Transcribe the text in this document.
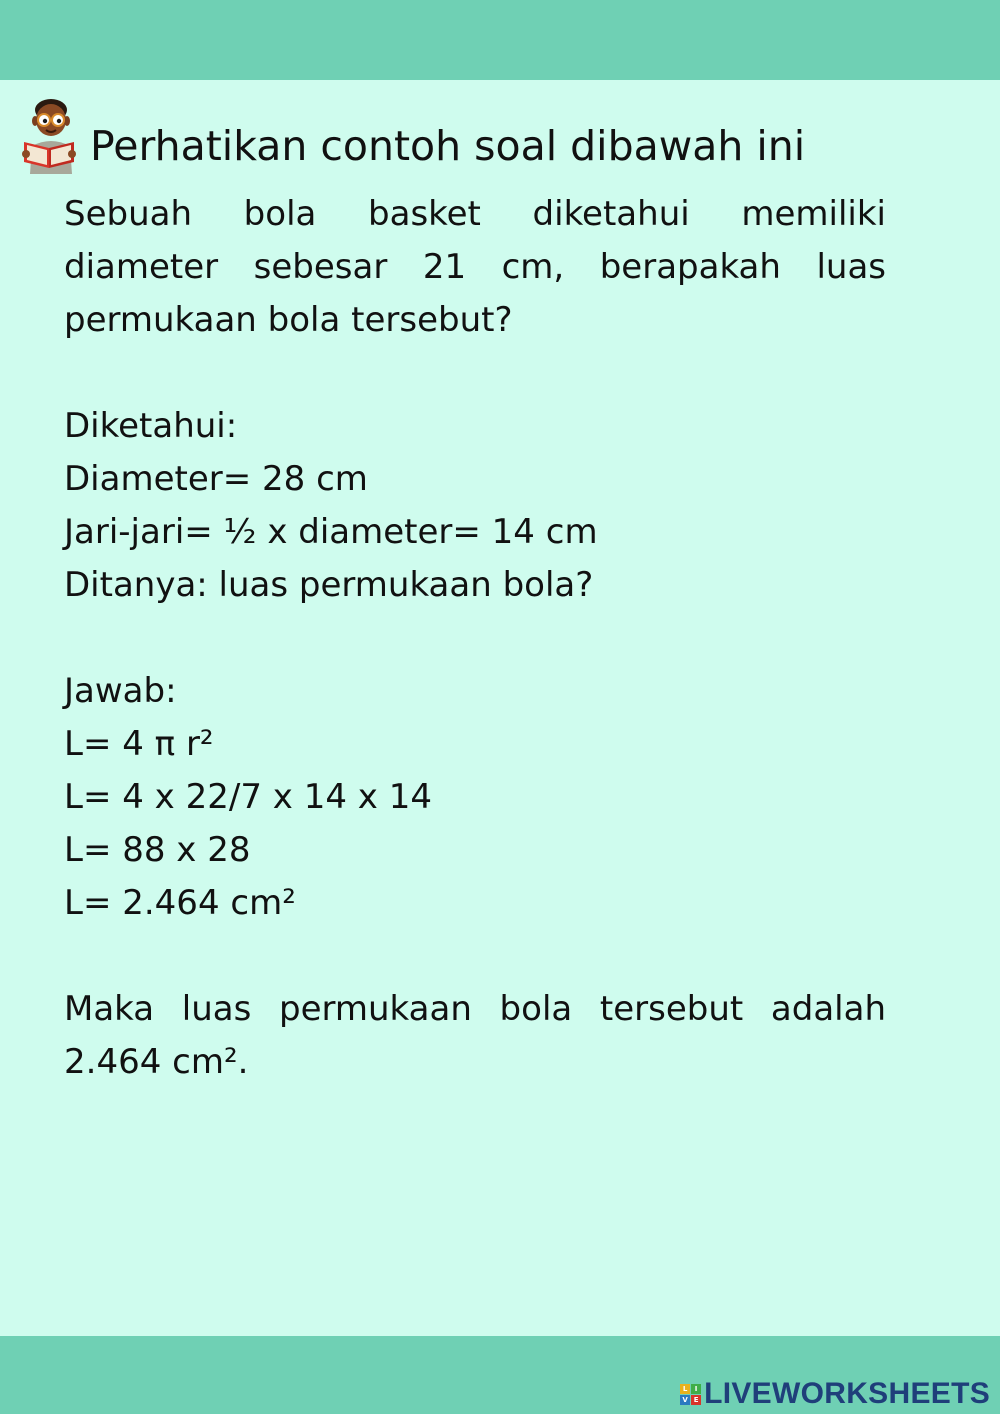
Perhatikan contoh soal dibawah ini
Sebuah bola basket diketahui memiliki
diameter sebesar 21 cm, berapakah luas
permukaan bola tersebut?
Diketahui:
Diameter= 28 cm
Jari-jari= ½ x diameter= 14 cm
Ditanya: luas permukaan bola?
Jawab:
L= 4 π r²
L= 4 x 22/7 x 14 x 14
L= 88 x 28
L= 2.464 cm²
Maka luas permukaan bola tersebut adalah
2.464 cm².
L	I
V E LIVEWORKSHEETS
